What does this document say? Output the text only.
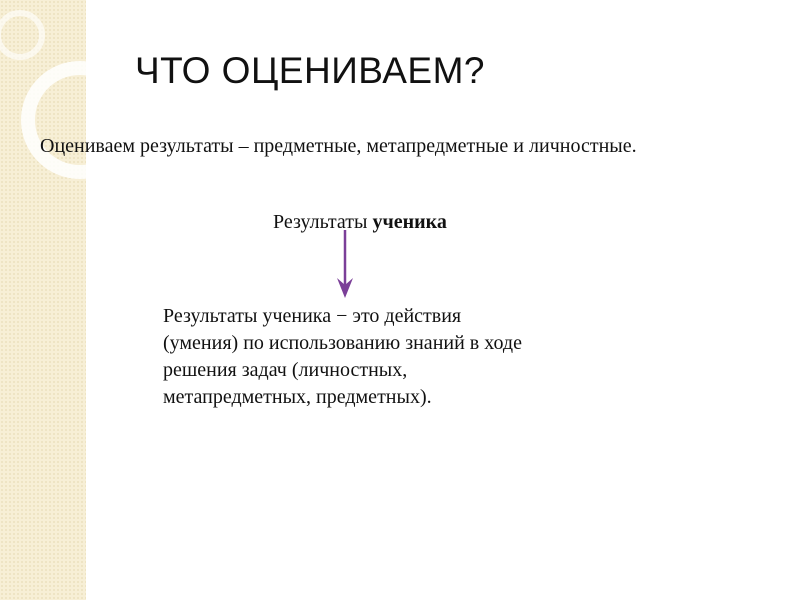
ЧТО ОЦЕНИВАЕМ?
Оцениваем результаты – предметные, метапредметные и личностные.
Результаты ученика
Результаты ученика − это действия
(умения) по использованию знаний в ходе
решения задач (личностных,
метапредметных, предметных).
